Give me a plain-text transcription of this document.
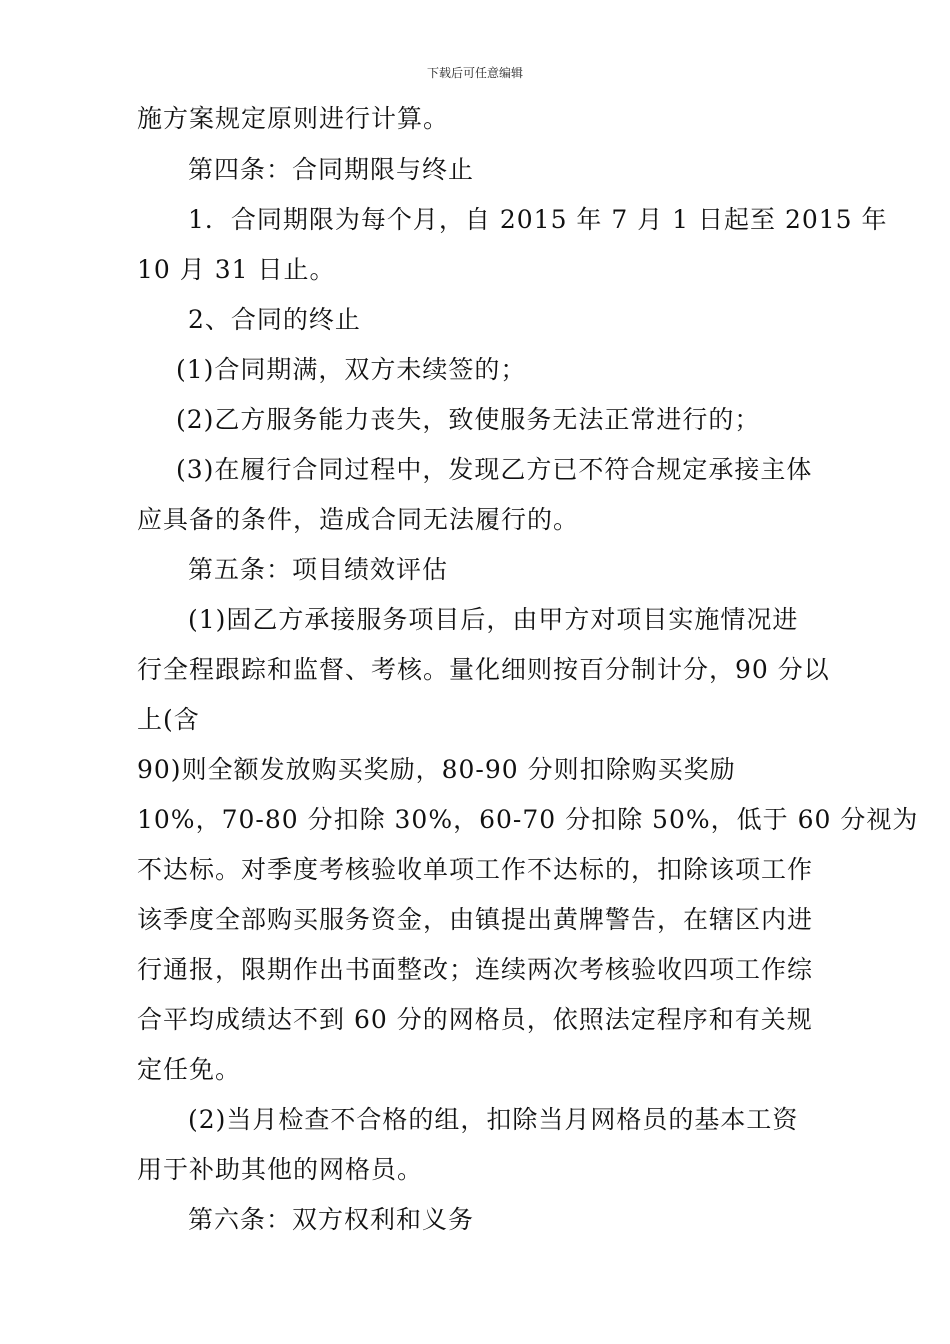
下载后可任意编辑
施方案规定原则进行计算。
第四条：合同期限与终止
1．合同期限为每个月，自 2015 年 7 月 1 日起至 2015 年
10 月 31 日止。
2、合同的终止
(1)合同期满，双方未续签的；
(2)乙方服务能力丧失，致使服务无法正常进行的；
(3)在履行合同过程中，发现乙方已不符合规定承接主体
应具备的条件，造成合同无法履行的。
第五条：项目绩效评估
(1)固乙方承接服务项目后，由甲方对项目实施情况进
行全程跟踪和监督、考核。量化细则按百分制计分，90 分以
上(含
90)则全额发放购买奖励，80-90 分则扣除购买奖励
10%，70-80 分扣除 30%，60-70 分扣除 50%，低于 60 分视为
不达标。对季度考核验收单项工作不达标的，扣除该项工作
该季度全部购买服务资金，由镇提出黄牌警告，在辖区内进
行通报，限期作出书面整改；连续两次考核验收四项工作综
合平均成绩达不到 60 分的网格员，依照法定程序和有关规
定任免。
(2)当月检查不合格的组，扣除当月网格员的基本工资
用于补助其他的网格员。
第六条：双方权利和义务
